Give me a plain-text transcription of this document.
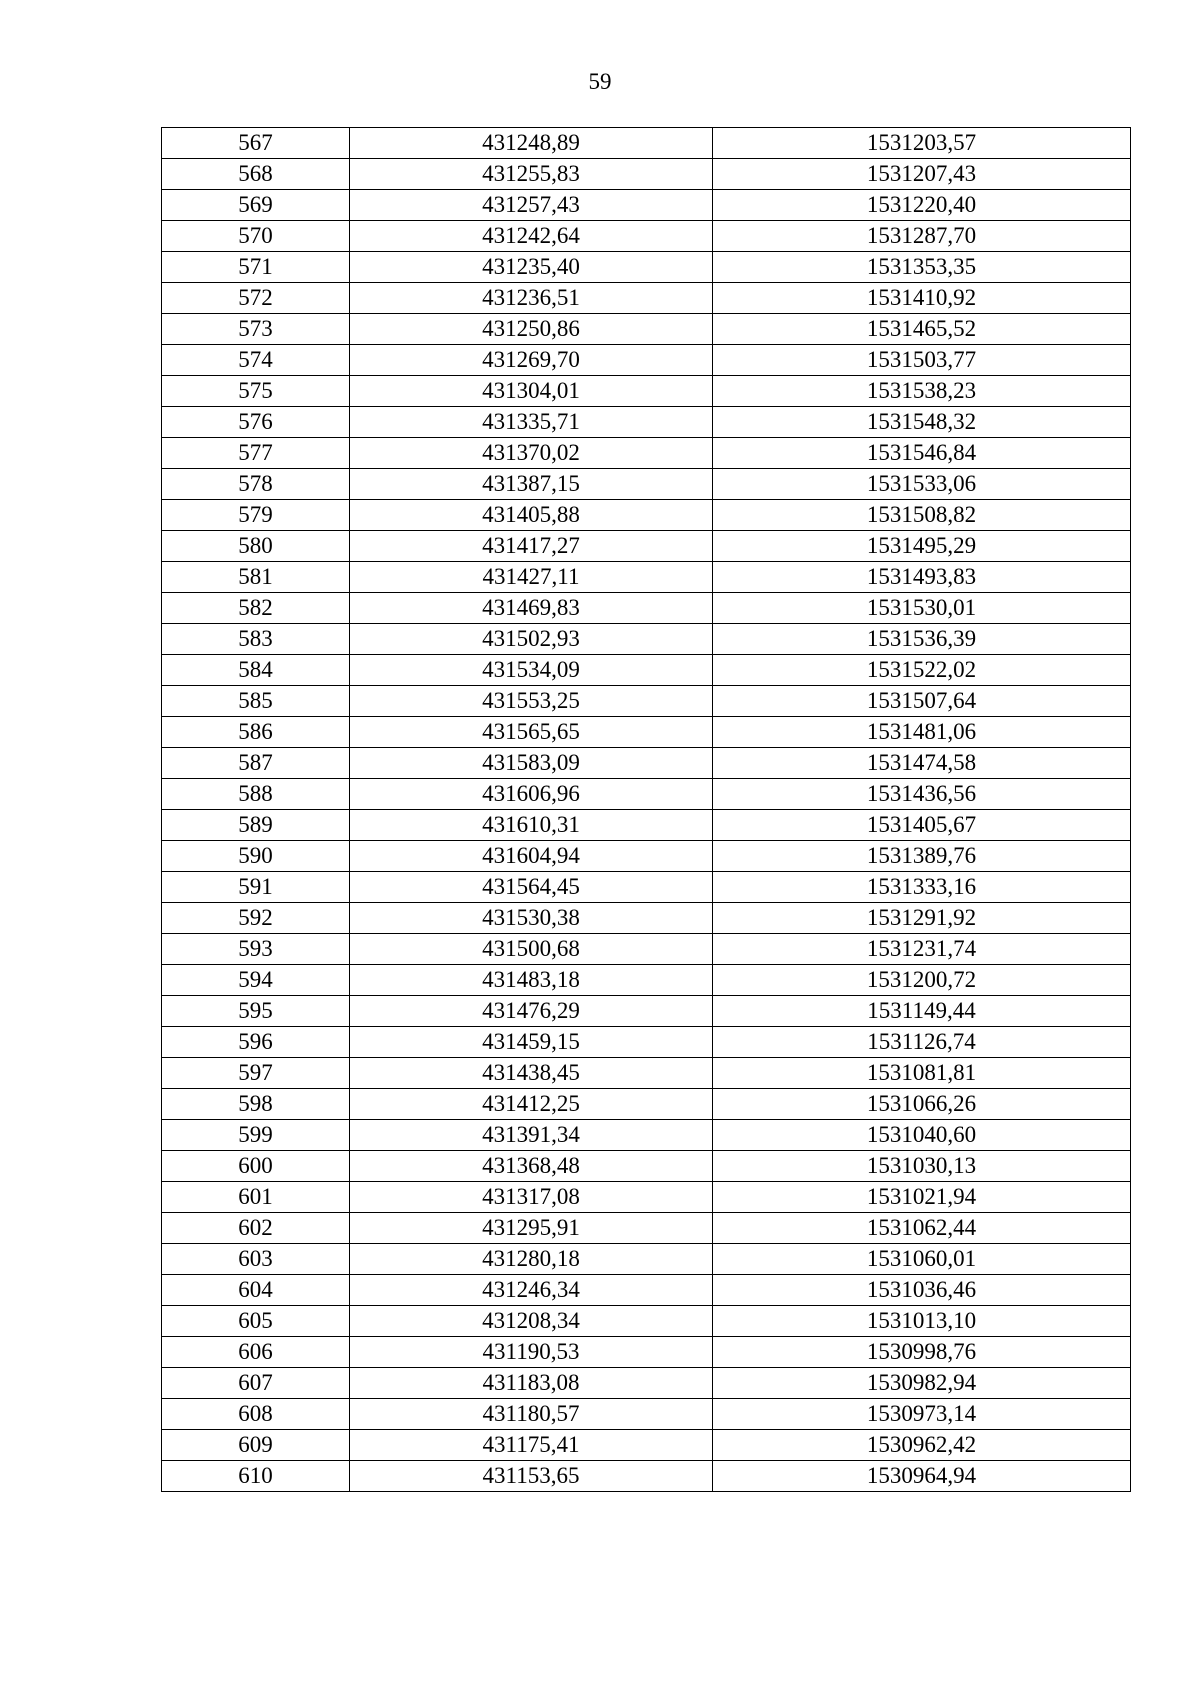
59
567	431248,89	1531203,57
568	431255,83	1531207,43
569	431257,43	1531220,40
570	431242,64	1531287,70
571	431235,40	1531353,35
572	431236,51	1531410,92
573	431250,86	1531465,52
574	431269,70	1531503,77
575	431304,01	1531538,23
576	431335,71	1531548,32
577	431370,02	1531546,84
578	431387,15	1531533,06
579	431405,88	1531508,82
580	431417,27	1531495,29
581	431427,11	1531493,83
582	431469,83	1531530,01
583	431502,93	1531536,39
584	431534,09	1531522,02
585	431553,25	1531507,64
586	431565,65	1531481,06
587	431583,09	1531474,58
588	431606,96	1531436,56
589	431610,31	1531405,67
590	431604,94	1531389,76
591	431564,45	1531333,16
592	431530,38	1531291,92
593	431500,68	1531231,74
594	431483,18	1531200,72
595	431476,29	1531149,44
596	431459,15	1531126,74
597	431438,45	1531081,81
598	431412,25	1531066,26
599	431391,34	1531040,60
600	431368,48	1531030,13
601	431317,08	1531021,94
602	431295,91	1531062,44
603	431280,18	1531060,01
604	431246,34	1531036,46
605	431208,34	1531013,10
606	431190,53	1530998,76
607	431183,08	1530982,94
608	431180,57	1530973,14
609	431175,41	1530962,42
610	431153,65	1530964,94
